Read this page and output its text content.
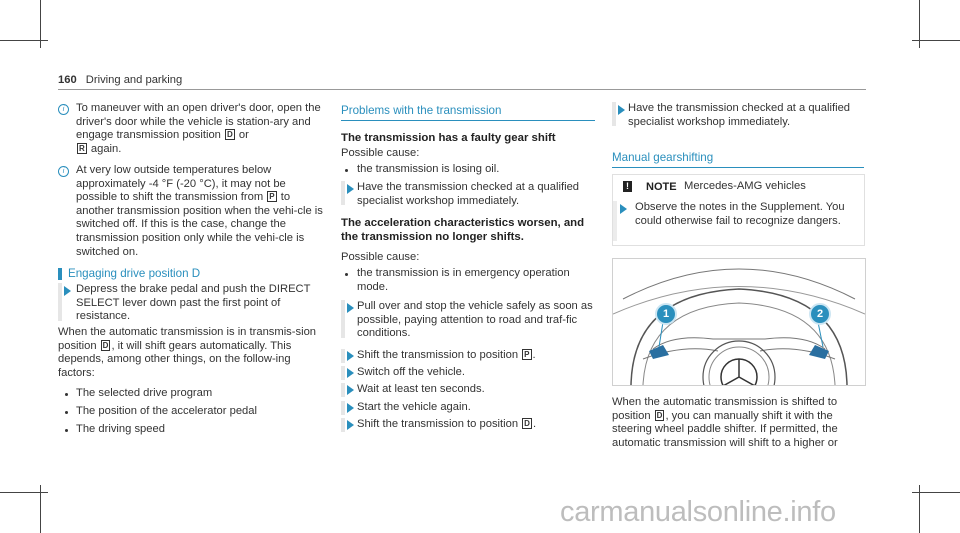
160 Driving and parking
i	To maneuver with an open driver's door, open the driver's door while the vehicle is station-ary and engage transmission position D or
R again.
i	At very low outside temperatures below approximately -4 °F (-20 °C), it may not be possible to shift the transmission from P to another transmission position when the vehi-cle is switched off. If this is the case, change the transmission position only while the vehi-cle is switched on.
Engaging drive position D
Depress the brake pedal and push the DIRECT SELECT lever down past the first point of resistance.
When the automatic transmission is in transmis-sion position D , it will shift gears automatically. This depends, among other things, on the follow-ing factors:
The selected drive program
The position of the accelerator pedal
The driving speed
Problems with the transmission
The transmission has a faulty gear shift
Possible cause:
the transmission is losing oil.
Have the transmission checked at a qualified specialist workshop immediately.
The acceleration characteristics worsen, and the transmission no longer shifts.
Possible cause:
the transmission is in emergency operation mode.
Pull over and stop the vehicle safely as soon as possible, paying attention to road and traf-fic conditions.
Shift the transmission to position P .
Switch off the vehicle.
Wait at least ten seconds.
Start the vehicle again.
Shift the transmission to position D .
Have the transmission checked at a qualified specialist workshop immediately.
Manual gearshifting
! NOTE Mercedes-AMG vehicles
Observe the notes in the Supplement. You could otherwise fail to recognize dangers.
1	2
When the automatic transmission is shifted to position D , you can manually shift it with the steering wheel paddle shifter. If permitted, the automatic transmission will shift to a higher or
carmanualsonline.info
